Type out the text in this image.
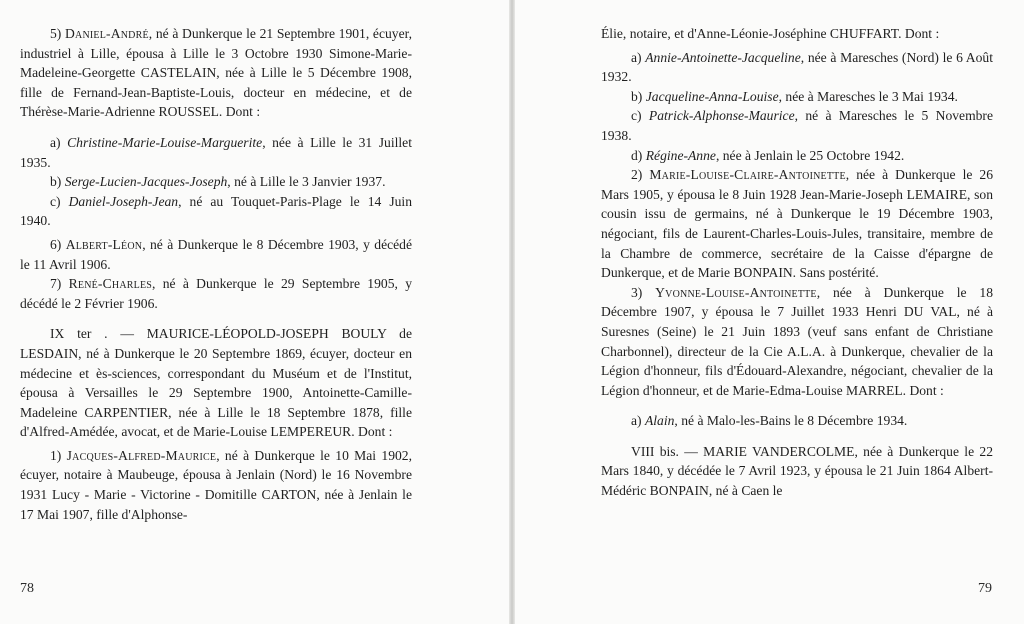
5) Daniel-André, né à Dunkerque le 21 Septembre 1901, écuyer, industriel à Lille, épousa à Lille le 3 Octobre 1930 Simone-Marie-Madeleine-Georgette CASTELAIN, née à Lille le 5 Décembre 1908, fille de Fernand-Jean-Baptiste-Louis, docteur en médecine, et de Thérèse-Marie-Adrienne ROUSSEL. Dont :

a) Christine-Marie-Louise-Marguerite, née à Lille le 31 Juillet 1935.

b) Serge-Lucien-Jacques-Joseph, né à Lille le 3 Janvier 1937.

c) Daniel-Joseph-Jean, né au Touquet-Paris-Plage le 14 Juin 1940.

6) Albert-Léon, né à Dunkerque le 8 Décembre 1903, y décédé le 11 Avril 1906.

7) René-Charles, né à Dunkerque le 29 Septembre 1905, y décédé le 2 Février 1906.

IX ter . — MAURICE-LÉOPOLD-JOSEPH BOULY de LESDAIN, né à Dunkerque le 20 Septembre 1869, écuyer, docteur en médecine et ès-sciences, correspondant du Muséum et de l'Institut, épousa à Versailles le 29 Septembre 1900, Antoinette-Camille-Madeleine CARPENTIER, née à Lille le 18 Septembre 1878, fille d'Alfred-Amédée, avocat, et de Marie-Louise LEMPEREUR. Dont :

1) Jacques-Alfred-Maurice, né à Dunkerque le 10 Mai 1902, écuyer, notaire à Maubeuge, épousa à Jenlain (Nord) le 16 Novembre 1931 Lucy - Marie - Victorine - Domitille CARTON, née à Jenlain le 17 Mai 1907, fille d'Alphonse-

78

Élie, notaire, et d'Anne-Léonie-Joséphine CHUFFART. Dont :

a) Annie-Antoinette-Jacqueline, née à Maresches (Nord) le 6 Août 1932.

b) Jacqueline-Anna-Louise, née à Maresches le 3 Mai 1934.

c) Patrick-Alphonse-Maurice, né à Maresches le 5 Novembre 1938.

d) Régine-Anne, née à Jenlain le 25 Octobre 1942.

2) Marie-Louise-Claire-Antoinette, née à Dunkerque le 26 Mars 1905, y épousa le 8 Juin 1928 Jean-Marie-Joseph LEMAIRE, son cousin issu de germains, né à Dunkerque le 19 Décembre 1903, négociant, fils de Laurent-Charles-Louis-Jules, transitaire, membre de la Chambre de commerce, secrétaire de la Caisse d'épargne de Dunkerque, et de Marie BONPAIN. Sans postérité.

3) Yvonne-Louise-Antoinette, née à Dunkerque le 18 Décembre 1907, y épousa le 7 Juillet 1933 Henri DU VAL, né à Suresnes (Seine) le 21 Juin 1893 (veuf sans enfant de Christiane Charbonnel), directeur de la Cie A.L.A. à Dunkerque, chevalier de la Légion d'honneur, fils d'Édouard-Alexandre, négociant, chevalier de la Légion d'honneur, et de Marie-Edma-Louise MARREL. Dont :

a) Alain, né à Malo-les-Bains le 8 Décembre 1934.

VIII bis. — MARIE VANDERCOLME, née à Dunkerque le 22 Mars 1840, y décédée le 7 Avril 1923, y épousa le 21 Juin 1864 Albert-Médéric BONPAIN, né à Caen le

79
